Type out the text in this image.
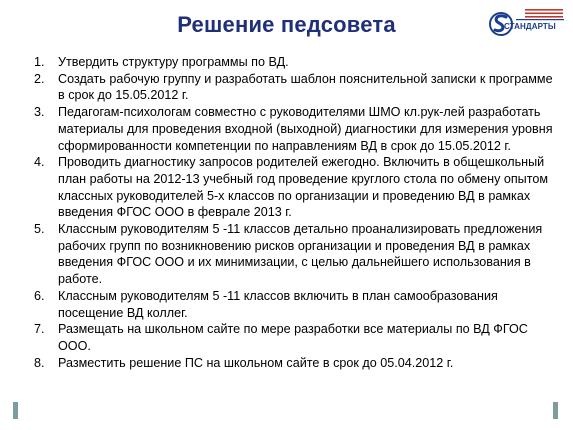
Решение педсовета	СТАНДАРТЫ
1.	Утвердить структуру программы по ВД.
2.	Создать рабочую группу и разработать шаблон пояснительной записки к программе в срок до 15.05.2012 г.
3.	Педагогам-психологам совместно с руководителями ШМО кл.рук-лей разработать материалы для проведения входной (выходной) диагностики для измерения уровня сформированности компетенции по направлениям ВД в срок до 15.05.2012 г.
4.	Проводить диагностику запросов родителей ежегодно. Включить в общешкольный план работы на 2012-13 учебный год проведение круглого стола по обмену опытом классных руководителей 5-х классов по организации и проведению ВД в рамках введения ФГОС ООО в феврале 2013 г.
5.	Классным руководителям 5 -11 классов детально проанализировать предложения рабочих групп по возникновению рисков организации и проведения ВД в рамках введения ФГОС ООО и их минимизации, с целью дальнейшего использования в работе.
6.	Классным руководителям 5 -11 классов включить в план самообразования посещение ВД коллег.
7.	Размещать на школьном сайте по мере разработки все материалы по ВД ФГОС ООО.
8.	Разместить решение ПС на школьном сайте в срок до 05.04.2012 г.
